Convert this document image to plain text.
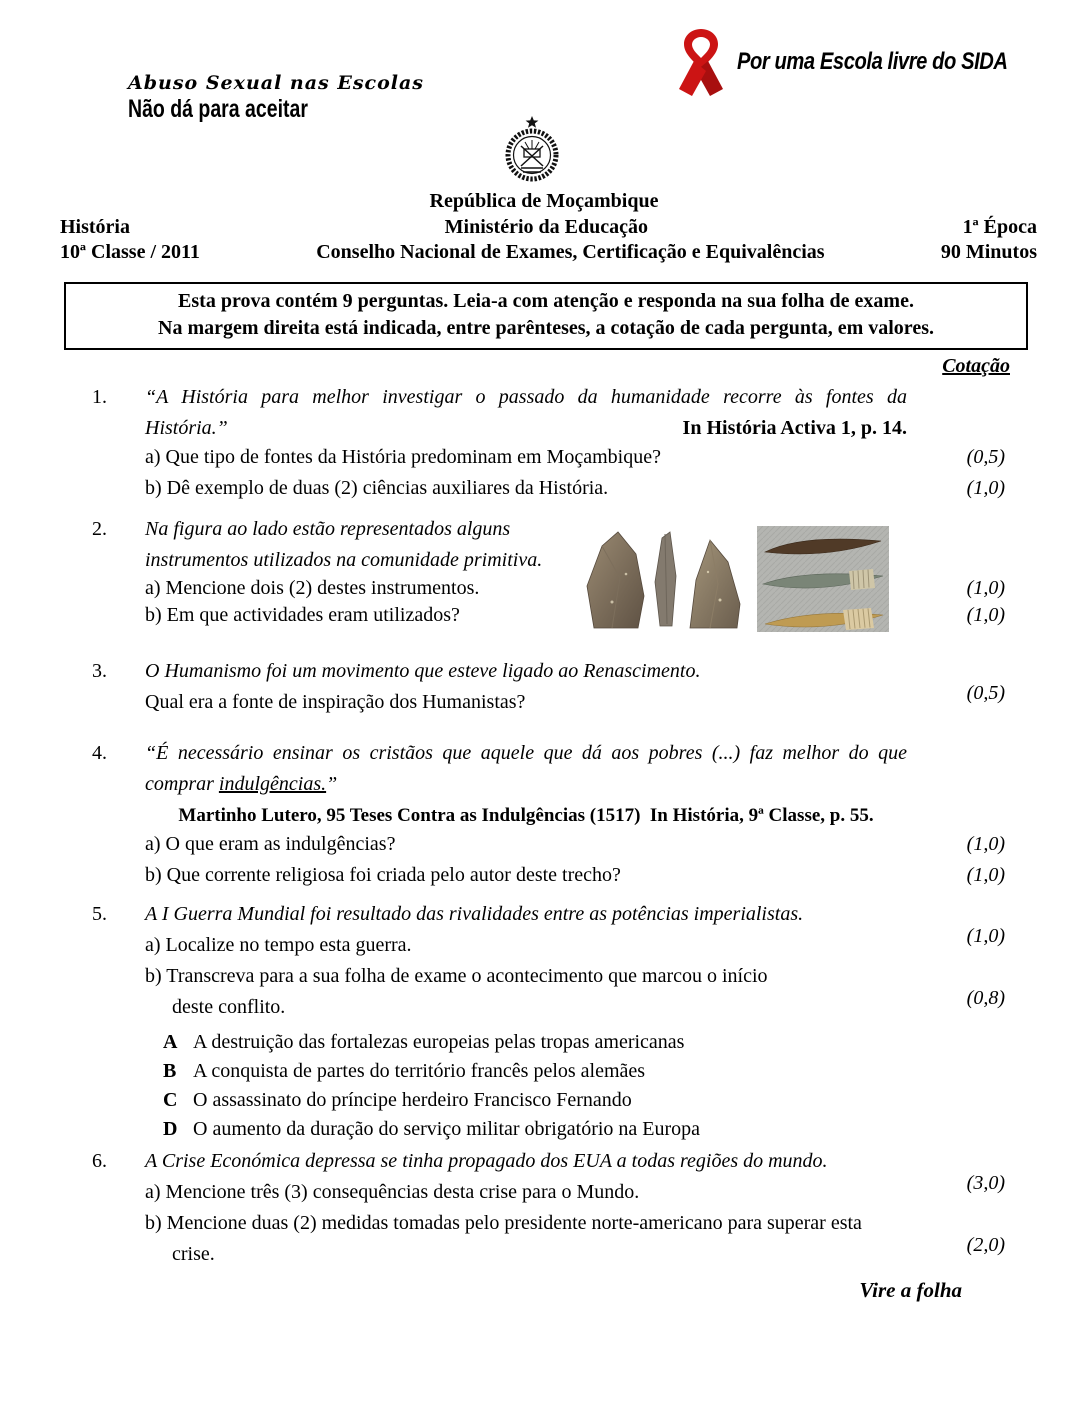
Abuso Sexual nas Escolas
Não dá para aceitar
Por uma Escola livre do SIDA
República de Moçambique
História	Ministério da Educação	1ª Época
10ª Classe / 2011	Conselho Nacional de Exames, Certificação e Equivalências	90 Minutos
Esta prova contém 9 perguntas. Leia-a com atenção e responda na sua folha de exame.
Na margem direita está indicada, entre parênteses, a cotação de cada pergunta, em valores.
Cotação
1. “A História para melhor investigar o passado da humanidade recorre às fontes da
História.”	In História Activa 1, p. 14.
a) Que tipo de fontes da História predominam em Moçambique?	(0,5)
b) Dê exemplo de duas (2) ciências auxiliares da História.	(1,0)
2. Na figura ao lado estão representados alguns
instrumentos utilizados na comunidade primitiva.
a) Mencione dois (2) destes instrumentos.	(1,0)
b) Em que actividades eram utilizados?	(1,0)
3. O Humanismo foi um movimento que esteve ligado ao Renascimento.
Qual era a fonte de inspiração dos Humanistas?	(0,5)
4. “É necessário ensinar os cristãos que aquele que dá aos pobres (...) faz melhor do que
comprar indulgências.”
Martinho Lutero, 95 Teses Contra as Indulgências (1517)  In História, 9ª Classe, p. 55.
a) O que eram as indulgências?	(1,0)
b) Que corrente religiosa foi criada pelo autor deste trecho?	(1,0)
5. A I Guerra Mundial foi resultado das rivalidades entre as potências imperialistas.
a) Localize no tempo esta guerra.	(1,0)
b) Transcreva para a sua folha de exame o acontecimento que marcou o início
deste conflito.	(0,8)
A A destruição das fortalezas europeias pelas tropas americanas
B A conquista de partes do território francês pelos alemães
C O assassinato do príncipe herdeiro Francisco Fernando
D O aumento da duração do serviço militar obrigatório na Europa
6. A Crise Económica depressa se tinha propagado dos EUA a todas regiões do mundo.
a) Mencione três (3) consequências desta crise para o Mundo.	(3,0)
b) Mencione duas (2) medidas tomadas pelo presidente norte-americano para superar esta
crise.	(2,0)
Vire a folha
